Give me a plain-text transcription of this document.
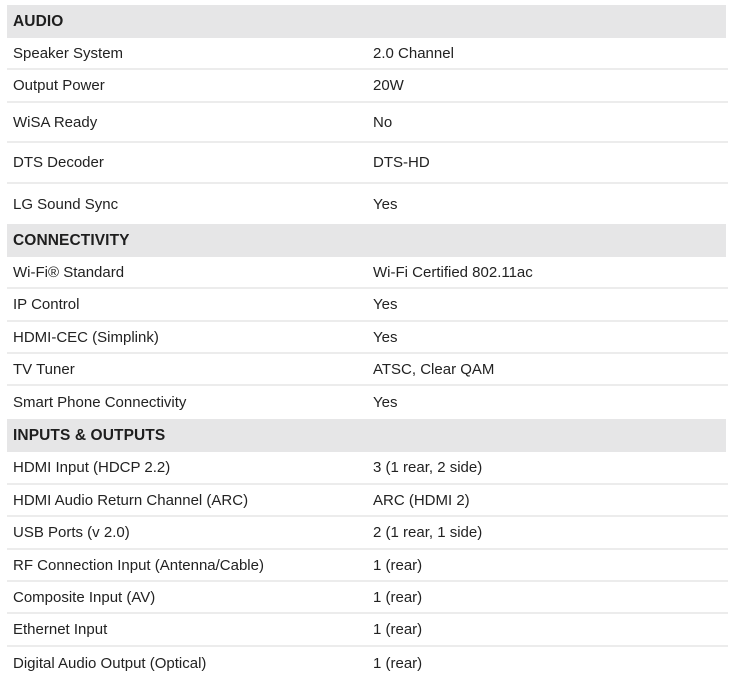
AUDIO
Speaker System	2.0 Channel
Output Power	20W
WiSA Ready	No
DTS Decoder	DTS-HD
LG Sound Sync	Yes
CONNECTIVITY
Wi-Fi® Standard	Wi-Fi Certified 802.11ac
IP Control	Yes
HDMI-CEC (Simplink)	Yes
TV Tuner	ATSC, Clear QAM
Smart Phone Connectivity	Yes
INPUTS & OUTPUTS
HDMI Input (HDCP 2.2)	3 (1 rear, 2 side)
HDMI Audio Return Channel (ARC)	ARC (HDMI 2)
USB Ports (v 2.0)	2 (1 rear, 1 side)
RF Connection Input (Antenna/Cable)	1 (rear)
Composite Input (AV)	1 (rear)
Ethernet Input	1 (rear)
Digital Audio Output (Optical)	1 (rear)
